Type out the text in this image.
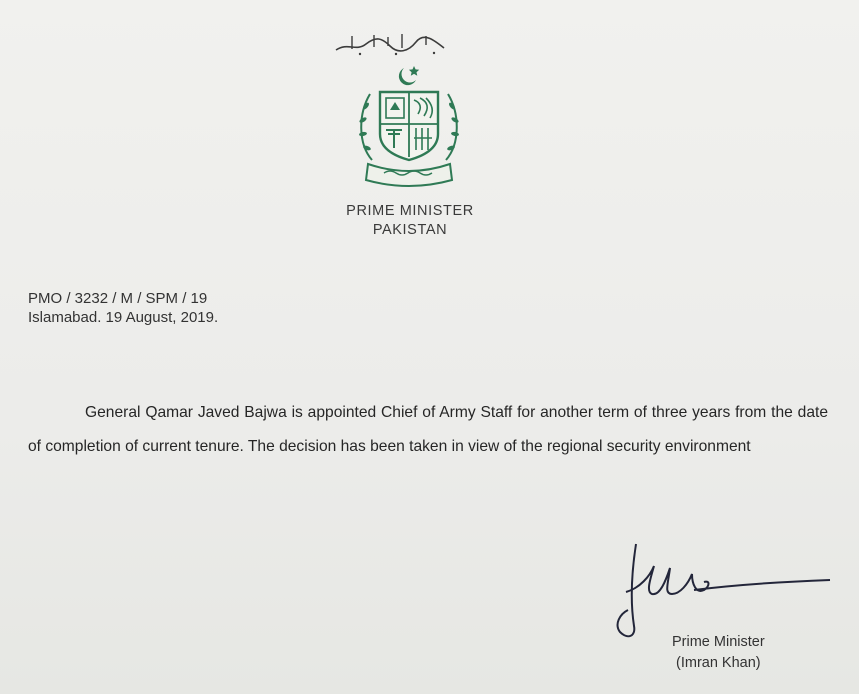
PRIME MINISTER
PAKISTAN
PMO / 3232 / M / SPM / 19
Islamabad. 19 August, 2019.

General Qamar Javed Bajwa is appointed Chief of Army Staff for another term of three years from the date of completion of current tenure. The decision has been taken in view of the regional security environment

Prime Minister
(Imran Khan)
